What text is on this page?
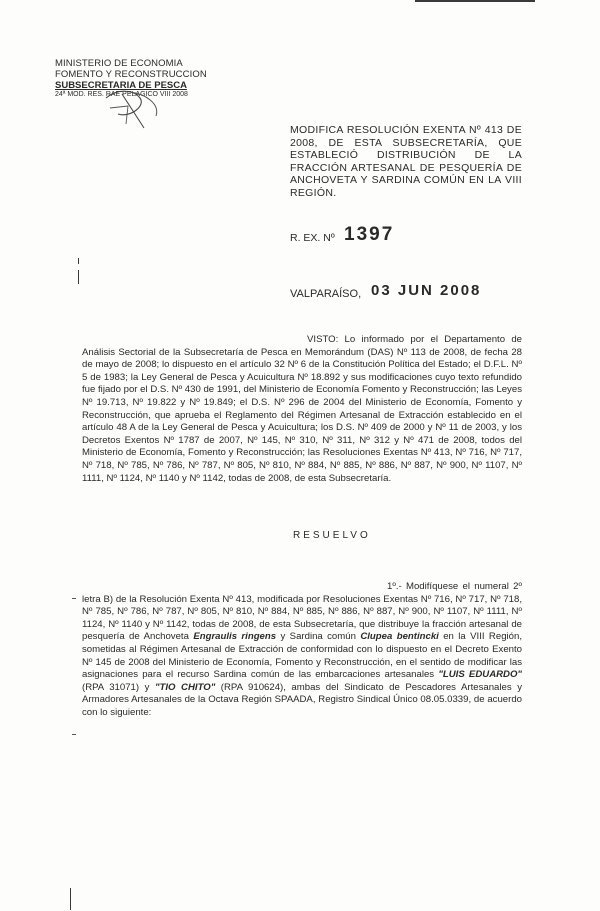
MINISTERIO DE ECONOMIA
FOMENTO Y RECONSTRUCCION
SUBSECRETARIA DE PESCA
24ª MOD. RES. RAE PELAGICO VIII 2008
MODIFICA RESOLUCIÓN EXENTA Nº 413 DE 2008, DE ESTA SUBSECRETARÍA, QUE ESTABLECIÓ DISTRIBUCIÓN DE LA FRACCIÓN ARTESANAL DE PESQUERÍA DE ANCHOVETA Y SARDINA COMÚN EN LA VIII REGIÓN.
R. EX. Nº 1397
VALPARAÍSO, 03 JUN 2008
VISTO: Lo informado por el Departamento de Análisis Sectorial de la Subsecretaría de Pesca en Memorándum (DAS) Nº 113 de 2008, de fecha 28 de mayo de 2008; lo dispuesto en el artículo 32 Nº 6 de la Constitución Política del Estado; el D.F.L. Nº 5 de 1983; la Ley General de Pesca y Acuicultura Nº 18.892 y sus modificaciones cuyo texto refundido fue fijado por el D.S. Nº 430 de 1991, del Ministerio de Economía Fomento y Reconstrucción; las Leyes Nº 19.713, Nº 19.822 y Nº 19.849; el D.S. Nº 296 de 2004 del Ministerio de Economía, Fomento y Reconstrucción, que aprueba el Reglamento del Régimen Artesanal de Extracción establecido en el artículo 48 A de la Ley General de Pesca y Acuicultura; los D.S. Nº 409 de 2000 y Nº 11 de 2003, y los Decretos Exentos Nº 1787 de 2007, Nº 145, Nº 310, Nº 311, Nº 312 y Nº 471 de 2008, todos del Ministerio de Economía, Fomento y Reconstrucción; las Resoluciones Exentas Nº 413, Nº 716, Nº 717, Nº 718, Nº 785, Nº 786, Nº 787, Nº 805, Nº 810, Nº 884, Nº 885, Nº 886, Nº 887, Nº 900, Nº 1107, Nº 1111, Nº 1124, Nº 1140 y Nº 1142, todas de 2008, de esta Subsecretaría.
RESUELVO
1º.- Modifíquese el numeral 2º letra B) de la Resolución Exenta Nº 413, modificada por Resoluciones Exentas Nº 716, Nº 717, Nº 718, Nº 785, Nº 786, Nº 787, Nº 805, Nº 810, Nº 884, Nº 885, Nº 886, Nº 887, Nº 900, Nº 1107, Nº 1111, Nº 1124, Nº 1140 y Nº 1142, todas de 2008, de esta Subsecretaría, que distribuye la fracción artesanal de pesquería de Anchoveta Engraulis ringens y Sardina común Clupea bentincki en la VIII Región, sometidas al Régimen Artesanal de Extracción de conformidad con lo dispuesto en el Decreto Exento Nº 145 de 2008 del Ministerio de Economía, Fomento y Reconstrucción, en el sentido de modificar las asignaciones para el recurso Sardina común de las embarcaciones artesanales "LUIS EDUARDO" (RPA 31071) y "TIO CHITO" (RPA 910624), ambas del Sindicato de Pescadores Artesanales y Armadores Artesanales de la Octava Región SPAADA, Registro Sindical Único 08.05.0339, de acuerdo con lo siguiente:
